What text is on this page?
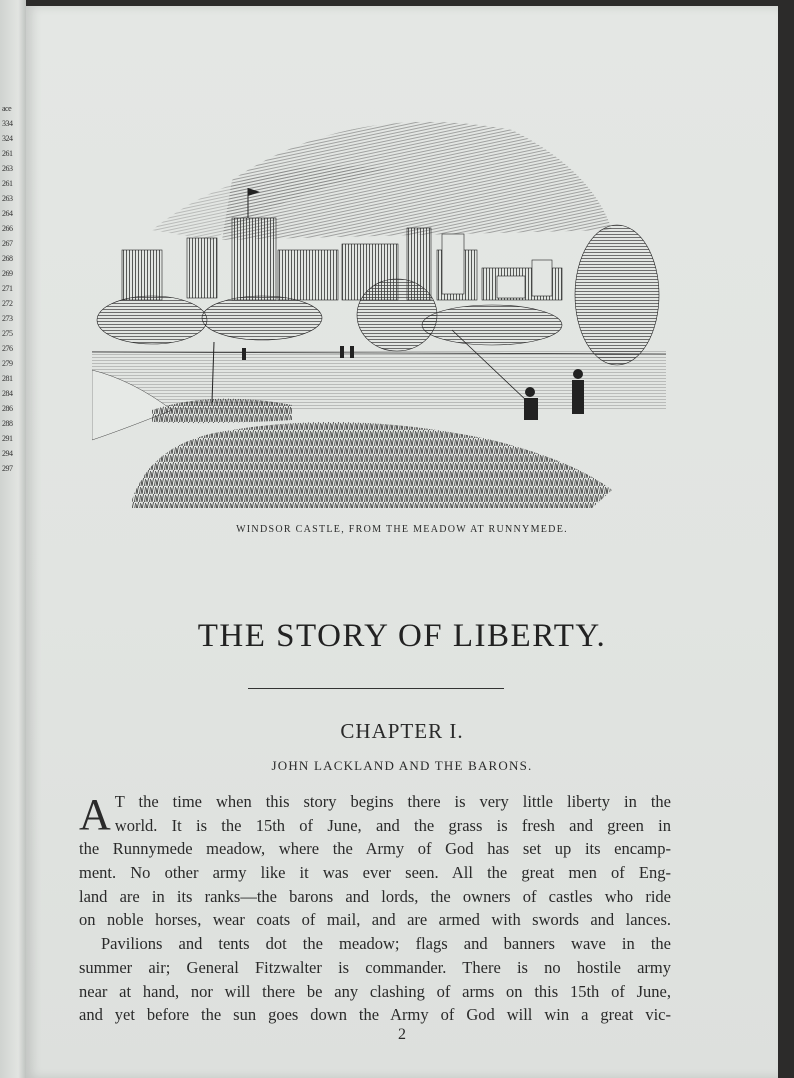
ace
334
324
261
263
261
263
264
266
267
268
269
271
272
273
275
276
279
281
284
286
288
291
294
297
WINDSOR CASTLE, FROM THE MEADOW AT RUNNYMEDE.
THE STORY OF LIBERTY.
CHAPTER I.
JOHN LACKLAND AND THE BARONS.
A T the time when this story begins there is very little liberty in the
world. It is the 15th of June, and the grass is fresh and green in
the Runnymede meadow, where the Army of God has set up its encamp-
ment. No other army like it was ever seen. All the great men of Eng-
land are in its ranks—the barons and lords, the owners of castles who ride
on noble horses, wear coats of mail, and are armed with swords and lances.
Pavilions and tents dot the meadow; flags and banners wave in the
summer air; General Fitzwalter is commander. There is no hostile army
near at hand, nor will there be any clashing of arms on this 15th of June,
and yet before the sun goes down the Army of God will win a great vic-
2
